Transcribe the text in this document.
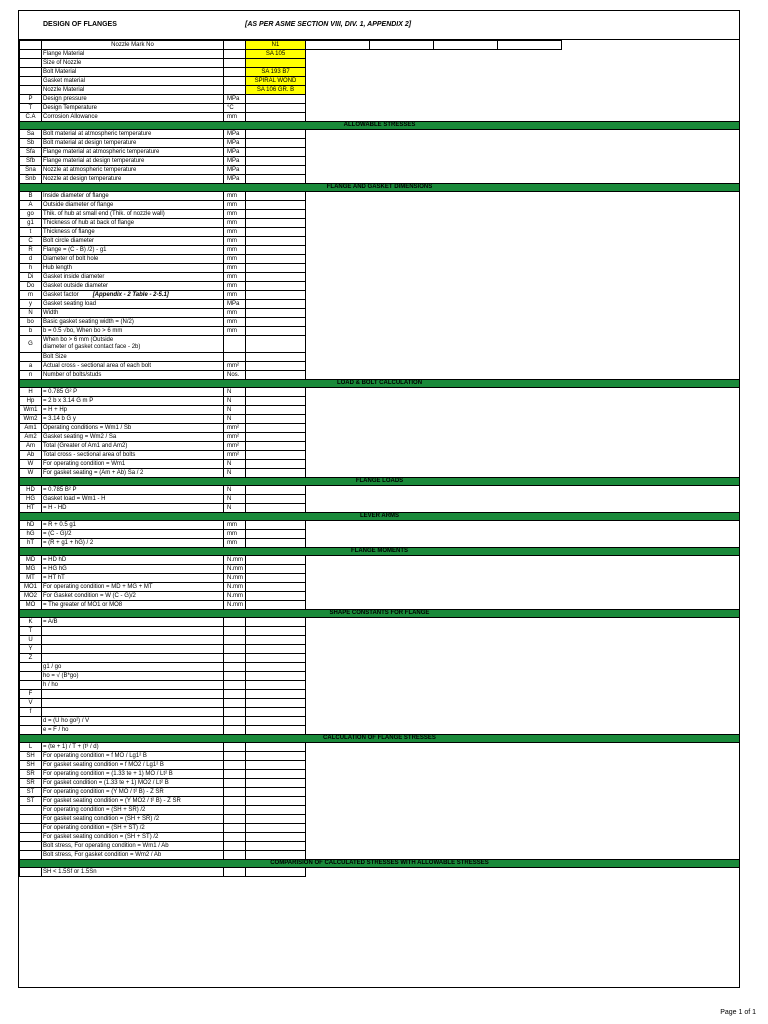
DESIGN OF FLANGES	[AS PER ASME SECTION VIII, DIV. 1, APPENDIX 2]
	Nozzle Mark No		N1					
	Flange Material		SA 105					
	Size of Nozzle							
	Bolt Material		SA 193 B7					
	Gasket material		SPIRAL WOND					
	Nozzle Material		SA 106 GR. B					
P	Design pressure	MPa						
T	Design Temperature	°C						
C.A	Corrosion Allowance	mm						
ALLOWABLE STRESSES								
Sa	Bolt material at atmospheric temperature	MPa						
Sb	Bolt material at design temperature	MPa						
Sfa	Flange material at atmospheric temperature	MPa						
Sfb	Flange material at design temperature	MPa						
Sna	Nozzle at atmospheric temperature	MPa						
Snb	Nozzle at design temperature	MPa						
FLANGE AND GASKET DIMENSIONS								
B	Inside diameter of flange	mm						
A	Outside diameter of flange	mm						
go	Thik. of hub at small end (Thik. of nozzle wall)	mm						
g1	Thickness of hub at back of flange	mm						
t	Thickness of flange	mm						
C	Bolt circle diameter	mm						
R	Flange = (C - B) /2) - g1	mm						
d	Diameter of bolt hole	mm						
h	Hub length	mm						
Di	Gasket inside diameter	mm						
Do	Gasket outside diameter	mm						
m	Gasket factor [Appendix - 2 Table - 2-5.1]	mm						
y	Gasket seating load	MPa						
N	Width	mm						
bo	Basic gasket seating width = (N/2)	mm						
b	b = 0.5 √bo, When bo > 6 mm	mm						
G	When bo > 6 mm (Outside
diameter of gasket contact face - 2b)							
	Bolt Size							
a	Actual cross - sectional area of each bolt	mm²						
n	Number of bolts/studs	Nos.						
LOAD & BOLT CALCULATION								
H	= 0.785 G² P	N						
Hp	= 2 b x 3.14 G m P	N						
Wm1	= H + Hp	N						
Wm2	= 3.14 b G y	N						
Am1	Operating conditions = Wm1 / Sb	mm²						
Am2	Gasket seating = Wm2 / Sa	mm²						
Am	Total (Greater of Am1 and Am2)	mm²						
Ab	Total cross - sectional area of bolts	mm²						
W	For operating condition = Wm1	N						
W	For gasket seating = (Am + Ab) Sa / 2	N						
FLANGE LOADS								
HD	= 0.785 B² P	N						
HG	Gasket load = Wm1 - H	N						
HT	= H - HD	N						
LEVER ARMS								
hD	= R + 0.5 g1	mm						
hG	= (C - G)/2	mm						
hT	= (R + g1 + hG) / 2	mm						
FLANGE MOMENTS								
MD	= HD hD	N.mm						
MG	= HG hG	N.mm						
MT	= HT hT	N.mm						
MO1	For operating condition = MD + MG + MT	N.mm						
MO2	For Gasket condition = W (C - G)/2	N.mm						
MO	= The greater of MO1 or MO8	N.mm						
SHAPE CONSTANTS FOR FLANGE								
K	= A/B							
T								
U								
Y								
Z								
	g1 / go							
	ho = √ (B*go)							
	h / ho							
F								
V								
f								
	d = (U ho go²) / V							
	e = F / ho							
CALCULATION OF FLANGE STRESSES								
L	= (te + 1) / T + (t³ / d)							
SH	For operating condition = f MO / Lg1² B							
SH	For gasket seating condition = f MO2 / Lg1² B							
SR	For operating condition = (1.33 te + 1) MO / Lt² B							
SR	For gasket condition = (1.33 te + 1) MO2 / Lt² B							
ST	For operating condition = (Y MO / t² B) - Z SR							
ST	For gasket seating condition = (Y MO2 / t² B) - Z SR							
	For operating condition = (SH + SR) /2							
	For gasket seating condition = (SH + SR) /2							
	For operating condition = (SH + ST) /2							
	For gasket seating condition = (SH + ST) /2							
	Bolt stress, For operating condition = Wm1 / Ab							
	Bolt stress, For gasket condition = Wm2 / Ab							
COMPARISION OF CALCULATED STRESSES WITH ALLOWABLE STRESSES								
	SH < 1.5Sf or 1.5Sn							
Page 1 of 1
